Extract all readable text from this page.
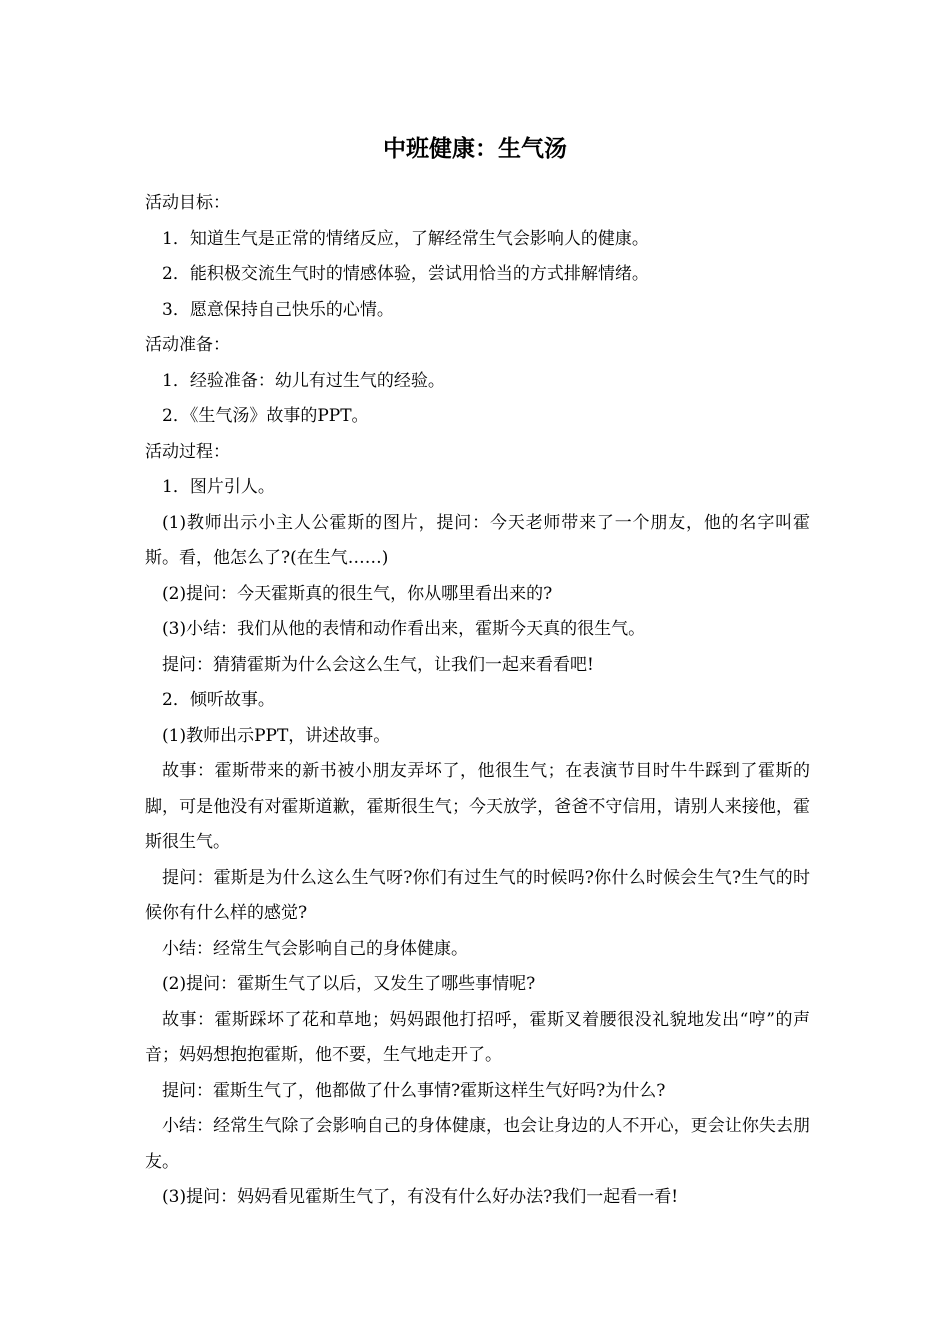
中班健康：生气汤

活动目标：

1．知道生气是正常的情绪反应，了解经常生气会影响人的健康。

2．能积极交流生气时的情感体验，尝试用恰当的方式排解情绪。

3．愿意保持自己快乐的心情。

活动准备：

1．经验准备：幼儿有过生气的经验。

2．《生气汤》故事的PPT。

活动过程：

1．图片引人。

(1)教师出示小主人公霍斯的图片，提问：今天老师带来了一个朋友，他的名字叫霍斯。看，他怎么了?(在生气……)

(2)提问：今天霍斯真的很生气，你从哪里看出来的?

(3)小结：我们从他的表情和动作看出来，霍斯今天真的很生气。

提问：猜猜霍斯为什么会这么生气，让我们一起来看看吧!

2．倾听故事。

(1)教师出示PPT，讲述故事。

故事：霍斯带来的新书被小朋友弄坏了，他很生气；在表演节目时牛牛踩到了霍斯的脚，可是他没有对霍斯道歉，霍斯很生气；今天放学，爸爸不守信用，请别人来接他，霍斯很生气。

提问：霍斯是为什么这么生气呀?你们有过生气的时候吗?你什么时候会生气?生气的时候你有什么样的感觉?

小结：经常生气会影响自己的身体健康。

(2)提问：霍斯生气了以后，又发生了哪些事情呢?

故事：霍斯踩坏了花和草地；妈妈跟他打招呼，霍斯叉着腰很没礼貌地发出“哼”的声音；妈妈想抱抱霍斯，他不要，生气地走开了。

提问：霍斯生气了，他都做了什么事情?霍斯这样生气好吗?为什么?

小结：经常生气除了会影响自己的身体健康，也会让身边的人不开心，更会让你失去朋友。

(3)提问：妈妈看见霍斯生气了，有没有什么好办法?我们一起看一看!
